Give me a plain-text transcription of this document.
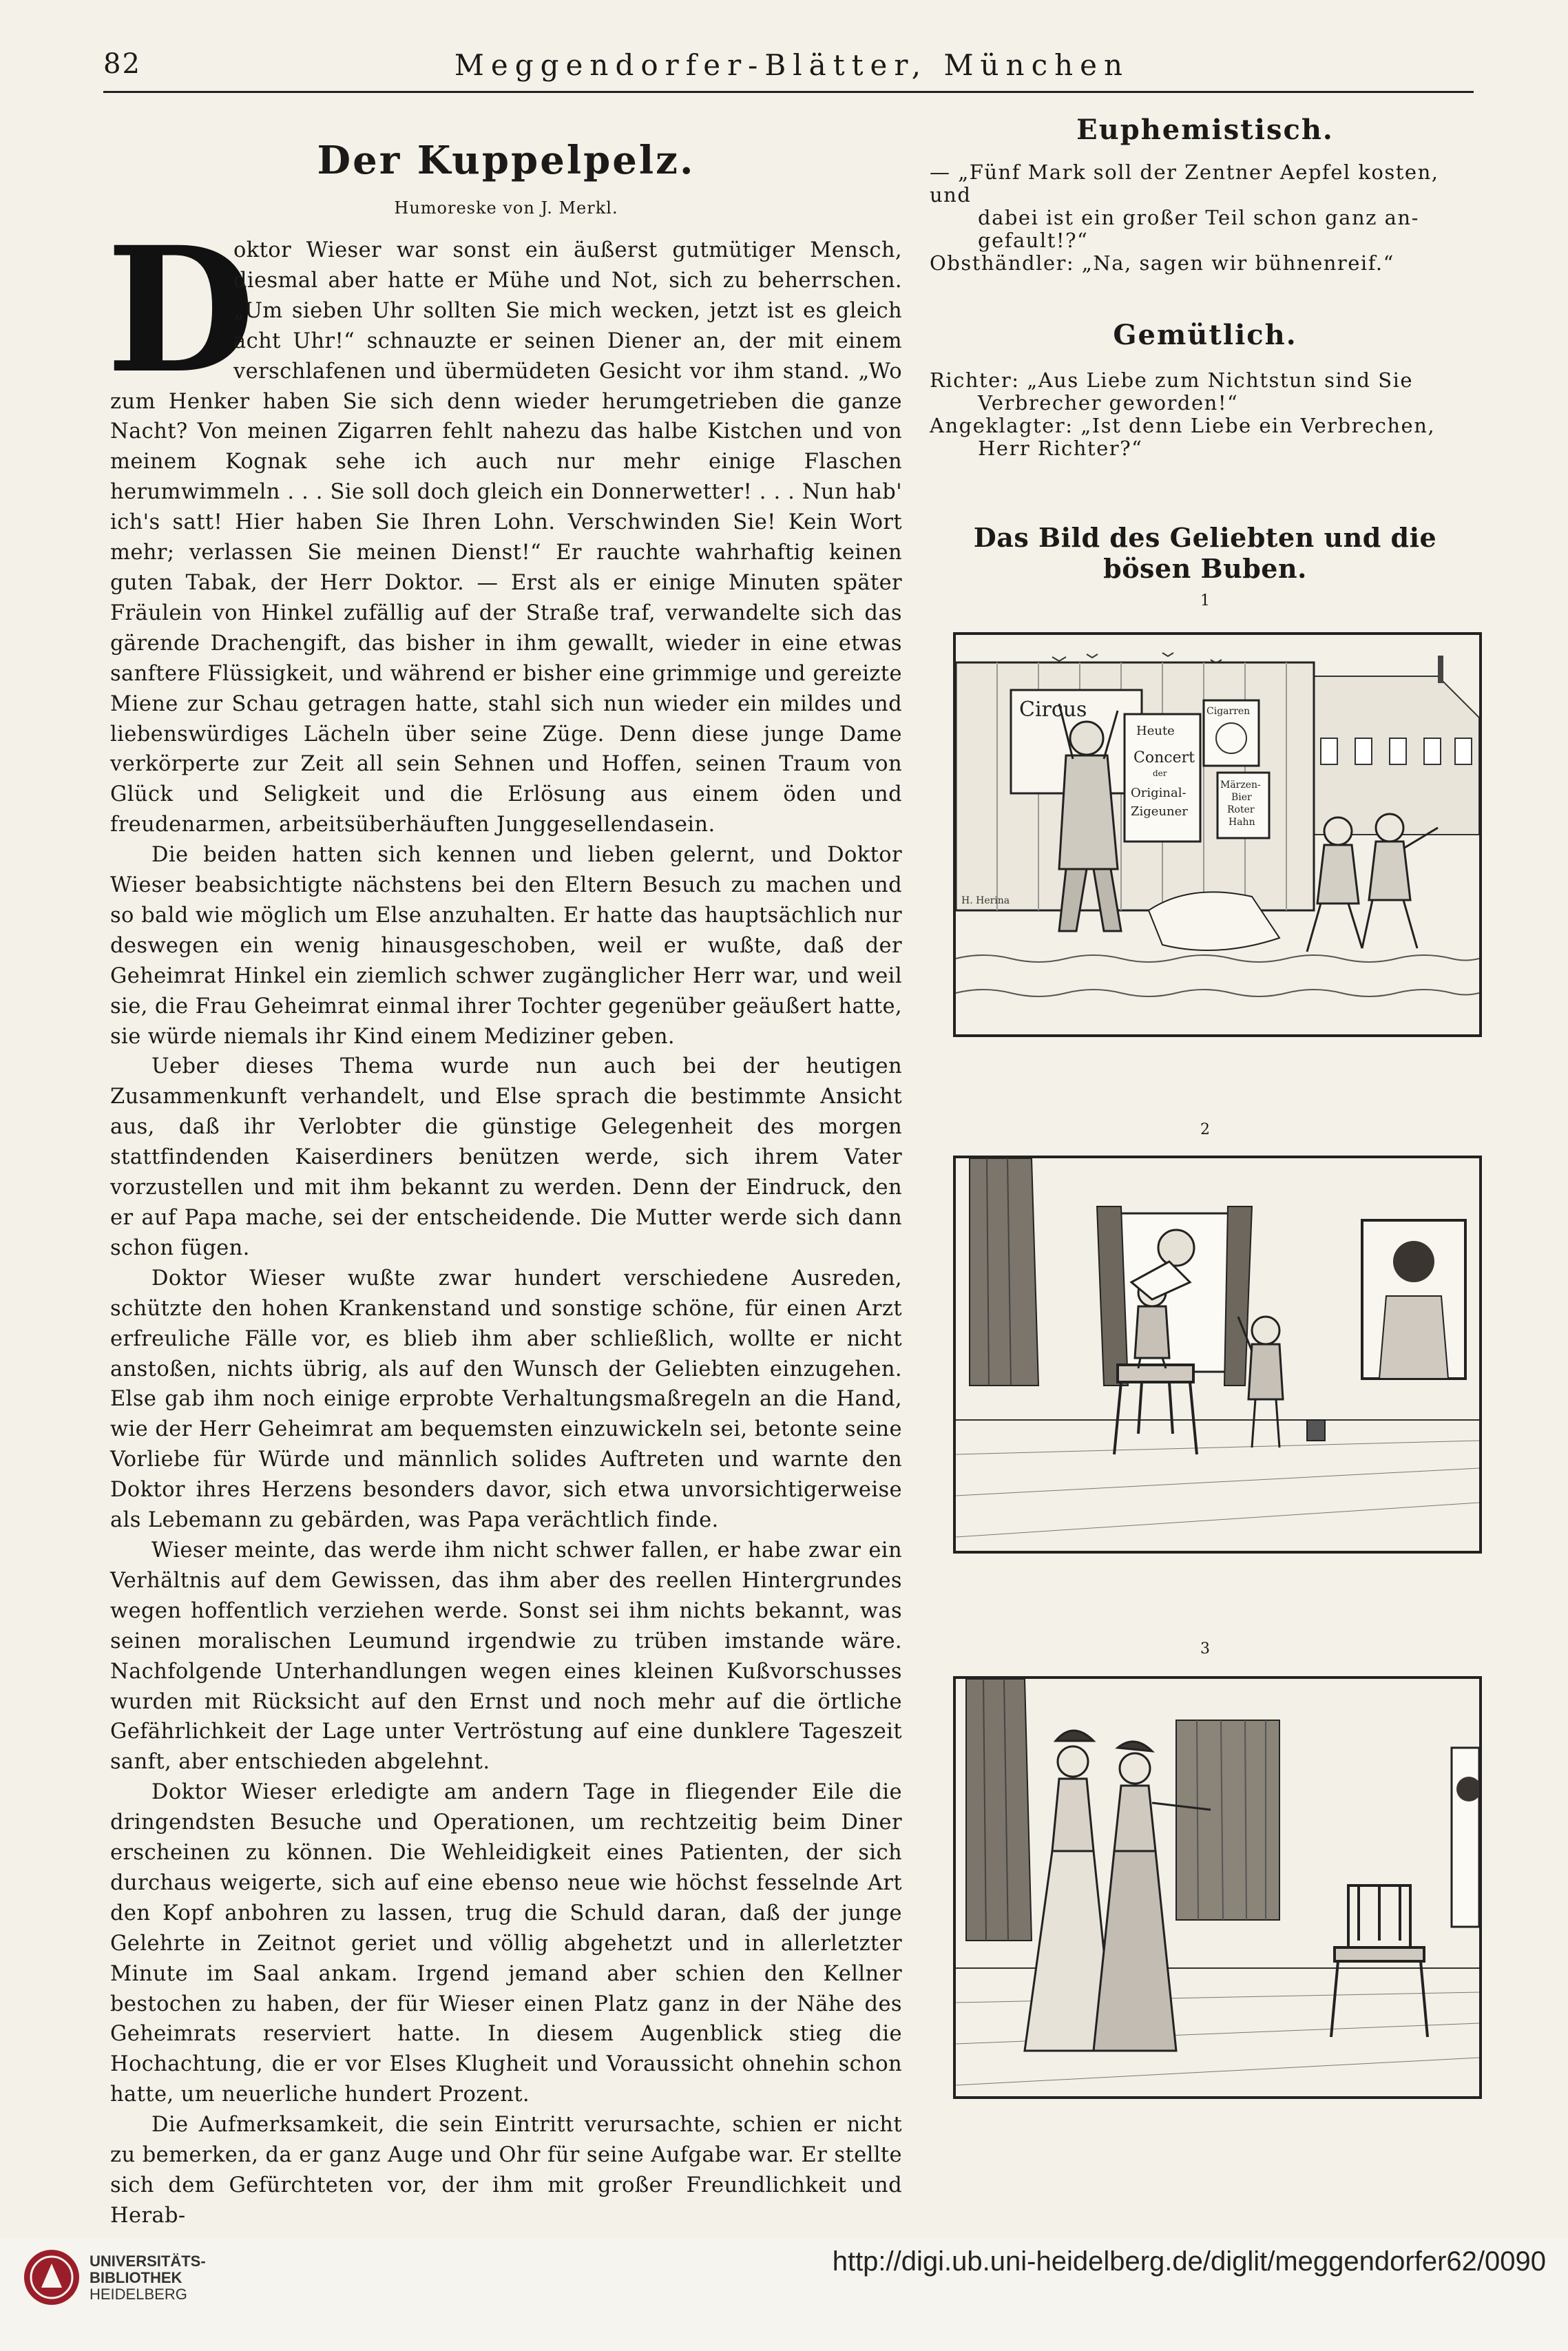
82	Meggendorfer-Blätter, München
Der Kuppelpelz.
Humoreske von J. Merkl.

D
oktor Wieser war sonst ein äußerst gutmütiger Mensch, diesmal aber hatte er Mühe und Not, sich zu beherrschen. „Um sieben Uhr sollten Sie mich wecken, jetzt ist es gleich acht Uhr!“ schnauzte er seinen Diener an, der mit einem verschlafenen und übermüdeten Gesicht vor ihm stand. „Wo zum Henker haben Sie sich denn wieder herumgetrieben die ganze Nacht? Von meinen Zigarren fehlt nahezu das halbe Kistchen und von meinem Kognak sehe ich auch nur mehr einige Flaschen herumwimmeln . . . Sie soll doch gleich ein Donnerwetter! . . . Nun hab' ich's satt! Hier haben Sie Ihren Lohn. Verschwinden Sie! Kein Wort mehr; verlassen Sie meinen Dienst!“ Er rauchte wahrhaftig keinen guten Tabak, der Herr Doktor. — Erst als er einige Minuten später Fräulein von Hinkel zufällig auf der Straße traf, verwandelte sich das gärende Drachengift, das bisher in ihm gewallt, wieder in eine etwas sanftere Flüssigkeit, und während er bisher eine grimmige und gereizte Miene zur Schau getragen hatte, stahl sich nun wieder ein mildes und liebenswürdiges Lächeln über seine Züge. Denn diese junge Dame verkörperte zur Zeit all sein Sehnen und Hoffen, seinen Traum von Glück und Seligkeit und die Erlösung aus einem öden und freudenarmen, arbeitsüberhäuften Junggesellendasein.

Die beiden hatten sich kennen und lieben gelernt, und Doktor Wieser beabsichtigte nächstens bei den Eltern Besuch zu machen und so bald wie möglich um Else anzuhalten. Er hatte das hauptsächlich nur deswegen ein wenig hinausgeschoben, weil er wußte, daß der Geheimrat Hinkel ein ziemlich schwer zugänglicher Herr war, und weil sie, die Frau Geheimrat einmal ihrer Tochter gegenüber geäußert hatte, sie würde niemals ihr Kind einem Mediziner geben.

Ueber dieses Thema wurde nun auch bei der heutigen Zusammenkunft verhandelt, und Else sprach die bestimmte Ansicht aus, daß ihr Verlobter die günstige Gelegenheit des morgen stattfindenden Kaiserdiners benützen werde, sich ihrem Vater vorzustellen und mit ihm bekannt zu werden. Denn der Eindruck, den er auf Papa mache, sei der entscheidende. Die Mutter werde sich dann schon fügen.

Doktor Wieser wußte zwar hundert verschiedene Ausreden, schützte den hohen Krankenstand und sonstige schöne, für einen Arzt erfreuliche Fälle vor, es blieb ihm aber schließlich, wollte er nicht anstoßen, nichts übrig, als auf den Wunsch der Geliebten einzugehen. Else gab ihm noch einige erprobte Verhaltungsmaßregeln an die Hand, wie der Herr Geheimrat am bequemsten einzuwickeln sei, betonte seine Vorliebe für Würde und männlich solides Auftreten und warnte den Doktor ihres Herzens besonders davor, sich etwa unvorsichtigerweise als Lebemann zu gebärden, was Papa verächtlich finde.

Wieser meinte, das werde ihm nicht schwer fallen, er habe zwar ein Verhältnis auf dem Gewissen, das ihm aber des reellen Hintergrundes wegen hoffentlich verziehen werde. Sonst sei ihm nichts bekannt, was seinen moralischen Leumund irgendwie zu trüben imstande wäre. Nachfolgende Unterhandlungen wegen eines kleinen Kußvorschusses wurden mit Rücksicht auf den Ernst und noch mehr auf die örtliche Gefährlichkeit der Lage unter Vertröstung auf eine dunklere Tageszeit sanft, aber entschieden abgelehnt.

Doktor Wieser erledigte am andern Tage in fliegender Eile die dringendsten Besuche und Operationen, um rechtzeitig beim Diner erscheinen zu können. Die Wehleidigkeit eines Patienten, der sich durchaus weigerte, sich auf eine ebenso neue wie höchst fesselnde Art den Kopf anbohren zu lassen, trug die Schuld daran, daß der junge Gelehrte in Zeitnot geriet und völlig abgehetzt und in allerletzter Minute im Saal ankam. Irgend jemand aber schien den Kellner bestochen zu haben, der für Wieser einen Platz ganz in der Nähe des Geheimrats reserviert hatte. In diesem Augenblick stieg die Hochachtung, die er vor Elses Klugheit und Voraussicht ohnehin schon hatte, um neuerliche hundert Prozent.

Die Aufmerksamkeit, die sein Eintritt verursachte, schien er nicht zu bemerken, da er ganz Auge und Ohr für seine Aufgabe war. Er stellte sich dem Gefürchteten vor, der ihm mit großer Freundlichkeit und Herab-

Euphemistisch.

— „Fünf Mark soll der Zentner Aepfel kosten, und

dabei ist ein großer Teil schon ganz an-

gefault!?“

Obsthändler: „Na, sagen wir bühnenreif.“

Gemütlich.

Richter: „Aus Liebe zum Nichtstun sind Sie

Verbrecher geworden!“

Angeklagter: „Ist denn Liebe ein Verbrechen,

Herr Richter?“

Das Bild des Geliebten und die bösen Buben.
1
Circus
Heute
Concert
der
Original-
Zigeuner
Cigarren
Märzen-
Bier
Roter
Hahn
H. Herina
2
3
UNIVERSITÄTS-
BIBLIOTHEK
HEIDELBERG
http://digi.ub.uni-heidelberg.de/diglit/meggendorfer62/0090
